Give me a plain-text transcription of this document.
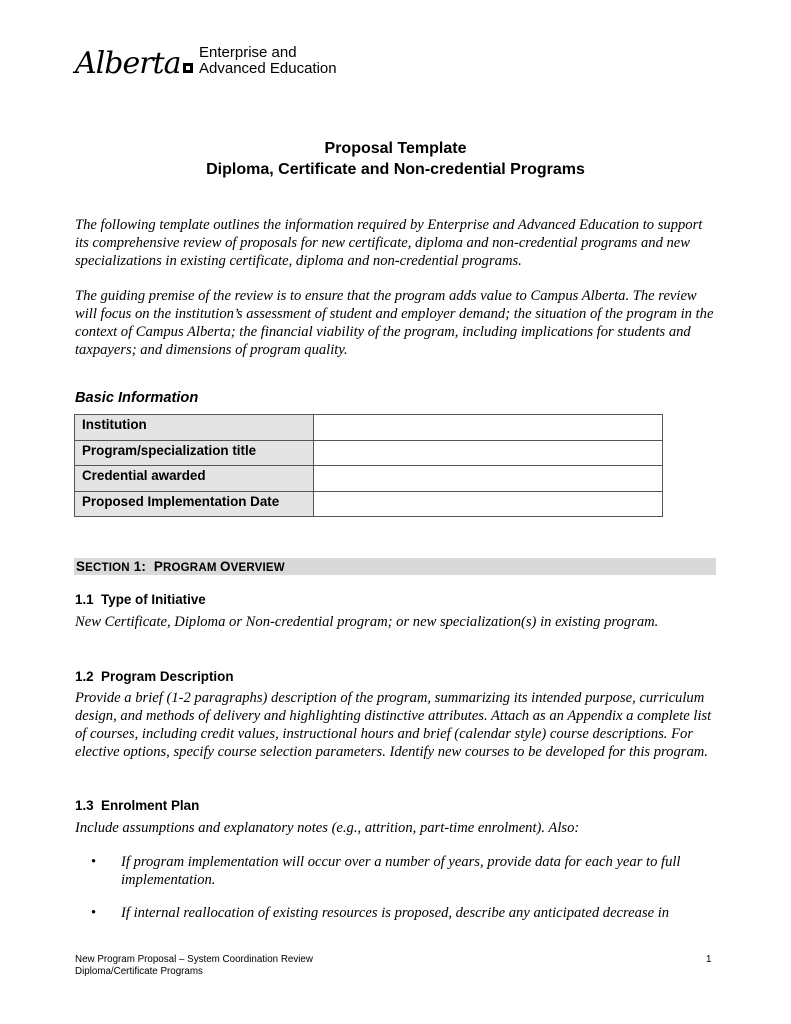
Alberta Enterprise and
Advanced Education
Proposal Template
Diploma, Certificate and Non-credential Programs
The following template outlines the information required by Enterprise and Advanced Education to support its comprehensive review of proposals for new certificate, diploma and non-credential programs and new specializations in existing certificate, diploma and non-credential programs.
The guiding premise of the review is to ensure that the program adds value to Campus Alberta. The review will focus on the institution’s assessment of student and employer demand; the situation of the program in the context of Campus Alberta; the financial viability of the program, including implications for students and taxpayers; and dimensions of program quality.
Basic Information
Institution	
Program/specialization title	
Credential awarded	
Proposed Implementation Date	
SECTION 1:  PROGRAM OVERVIEW
1.1  Type of Initiative
New Certificate, Diploma or Non-credential program; or new specialization(s) in existing program.
1.2  Program Description
Provide a brief (1-2 paragraphs) description of the program, summarizing its intended purpose, curriculum design, and methods of delivery and highlighting distinctive attributes. Attach as an Appendix a complete list of courses, including credit values, instructional hours and brief (calendar style) course descriptions. For elective options, specify course selection parameters. Identify new courses to be developed for this program.
1.3  Enrolment Plan
Include assumptions and explanatory notes (e.g., attrition, part-time enrolment). Also:
• If program implementation will occur over a number of years, provide data for each year to full implementation.
• If internal reallocation of existing resources is proposed, describe any anticipated decrease in
New Program Proposal – System Coordination Review
Diploma/Certificate Programs
1
